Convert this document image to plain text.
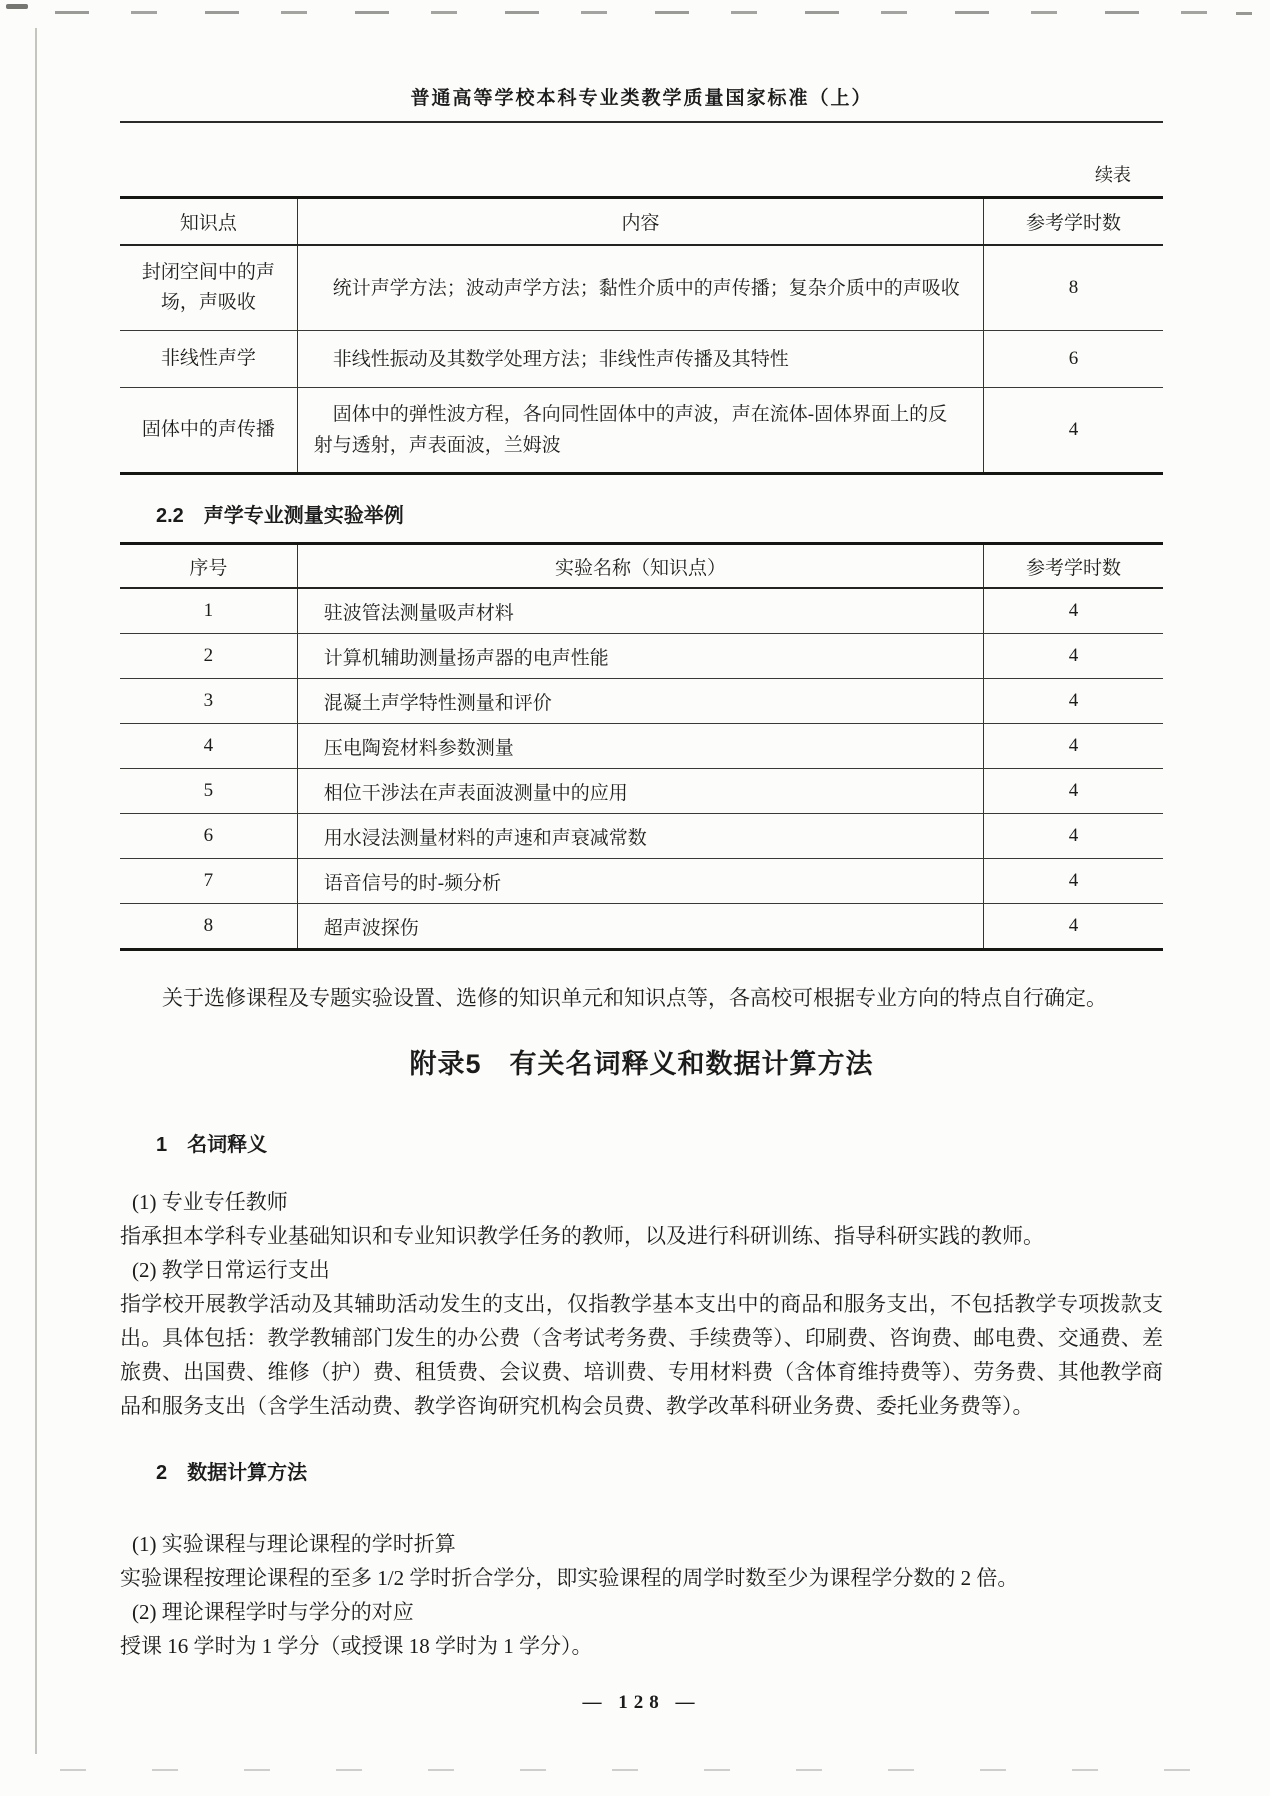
普通高等学校本科专业类教学质量国家标准（上）
续表
知识点	内容	参考学时数
封闭空间中的声场，声吸收	统计声学方法；波动声学方法；黏性介质中的声传播；复杂介质中的声吸收	8
非线性声学	非线性振动及其数学处理方法；非线性声传播及其特性	6
固体中的声传播	固体中的弹性波方程，各向同性固体中的声波，声在流体-固体界面上的反射与透射，声表面波，兰姆波	4
2.2　声学专业测量实验举例
序号	实验名称（知识点）	参考学时数
1	驻波管法测量吸声材料	4
2	计算机辅助测量扬声器的电声性能	4
3	混凝土声学特性测量和评价	4
4	压电陶瓷材料参数测量	4
5	相位干涉法在声表面波测量中的应用	4
6	用水浸法测量材料的声速和声衰减常数	4
7	语音信号的时-频分析	4
8	超声波探伤	4

关于选修课程及专题实验设置、选修的知识单元和知识点等，各高校可根据专业方向的特点自行确定。

附录5　有关名词释义和数据计算方法
1　名词释义
(1) 专业专任教师
指承担本学科专业基础知识和专业知识教学任务的教师，以及进行科研训练、指导科研实践的教师。
(2) 教学日常运行支出
指学校开展教学活动及其辅助活动发生的支出，仅指教学基本支出中的商品和服务支出，不包括教学专项拨款支出。具体包括：教学教辅部门发生的办公费（含考试考务费、手续费等）、印刷费、咨询费、邮电费、交通费、差旅费、出国费、维修（护）费、租赁费、会议费、培训费、专用材料费（含体育维持费等）、劳务费、其他教学商品和服务支出（含学生活动费、教学咨询研究机构会员费、教学改革科研业务费、委托业务费等）。
2　数据计算方法
(1) 实验课程与理论课程的学时折算
实验课程按理论课程的至多 1/2 学时折合学分，即实验课程的周学时数至少为课程学分数的 2 倍。
(2) 理论课程学时与学分的对应
授课 16 学时为 1 学分（或授课 18 学时为 1 学分）。
— 128 —
